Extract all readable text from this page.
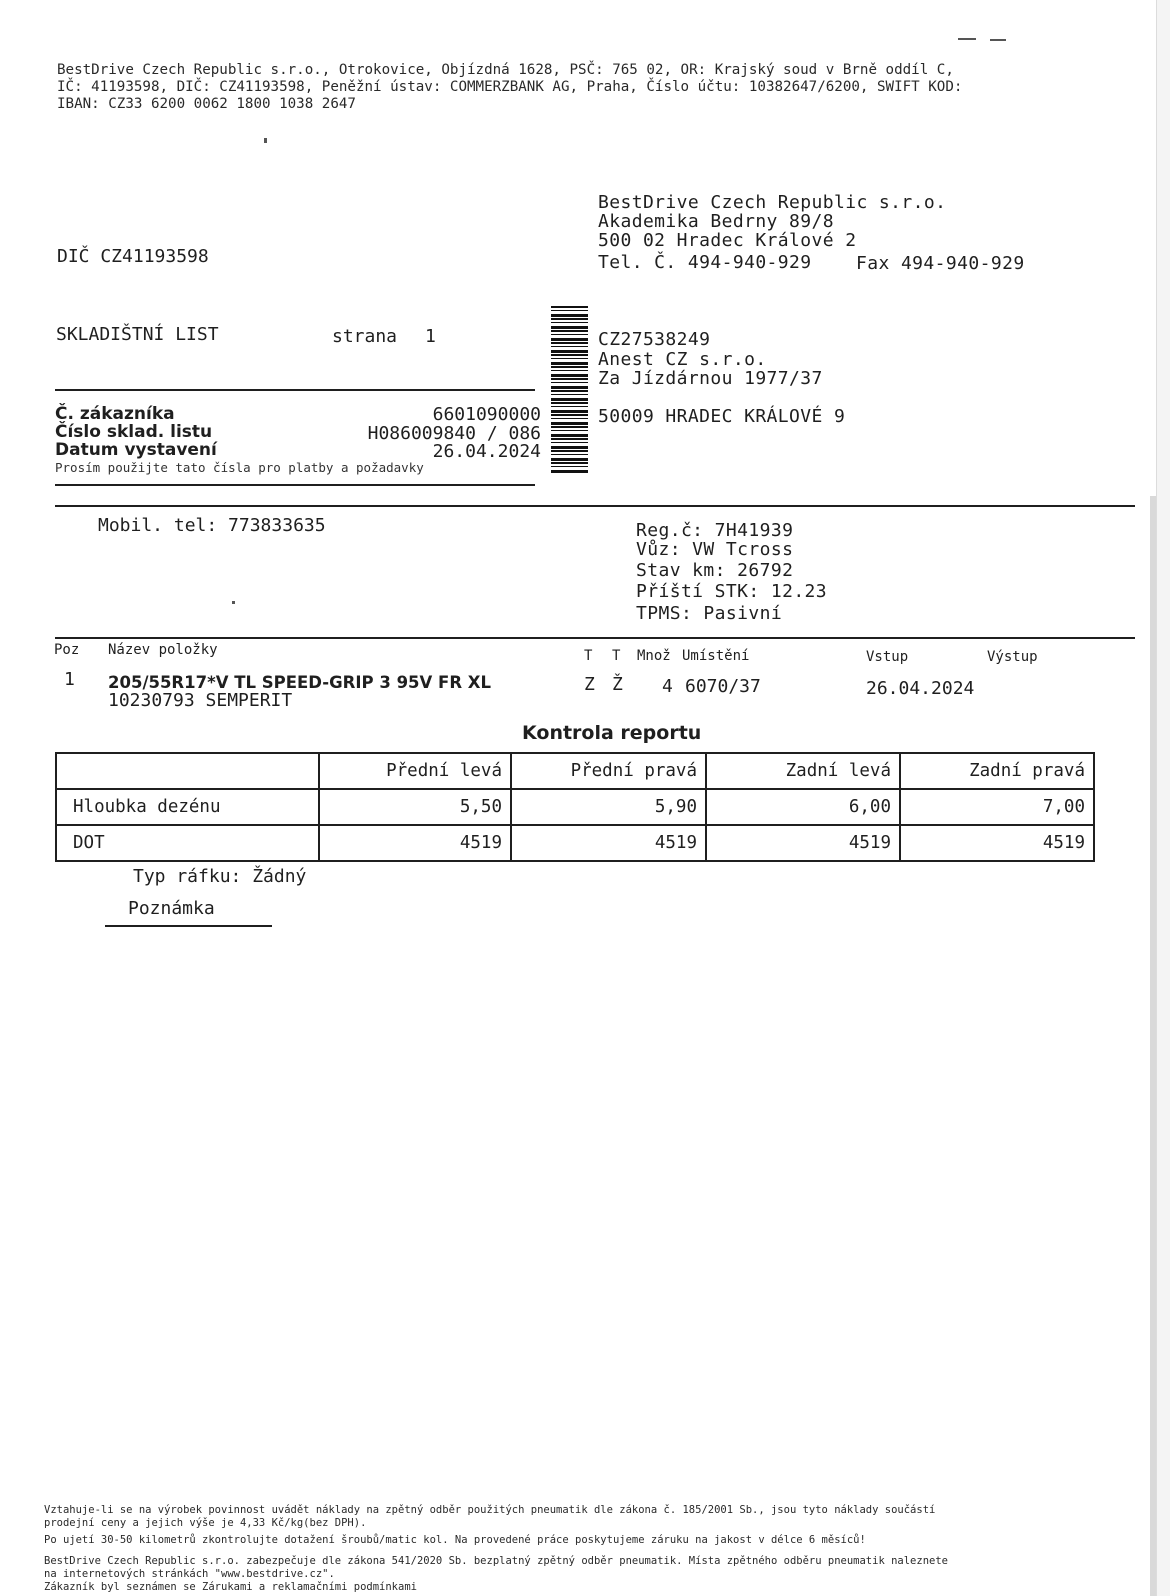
BestDrive Czech Republic s.r.o., Otrokovice, Objízdná 1628, PSČ: 765 02, OR: Krajský soud v Brně oddíl C,
IČ: 41193598, DIČ: CZ41193598, Peněžní ústav: COMMERZBANK AG, Praha, Číslo účtu: 10382647/6200, SWIFT KOD:
IBAN: CZ33 6200 0062 1800 1038 2647
BestDrive Czech Republic s.r.o.
Akademika Bedrny 89/8
500 02 Hradec Králové 2
Tel. Č. 494-940-929 Fax 494-940-929
DIČ CZ41193598
SKLADIŠTNÍ LIST	strana 1
Č. zákazníka	6601090000
Číslo sklad. listu	H086009840 / 086
Datum vystavení	26.04.2024
Prosím použijte tato čísla pro platby a požadavky
CZ27538249
Anest CZ s.r.o.
Za Jízdárnou 1977/37
50009 HRADEC KRÁLOVÉ 9
Mobil. tel: 773833635	Reg.č: 7H41939
Vůz: VW Tcross
Stav km: 26792
Příští STK: 12.23
TPMS: Pasivní
Poz Název položky	T T Množ Umístění	Vstup	Výstup
1 205/55R17*V TL SPEED-GRIP 3 95V FR XL
10230793 SEMPERIT
Z Ž 4 6070/37	26.04.2024
Kontrola reportu
	Přední levá	Přední pravá	Zadní levá	Zadní pravá
Hloubka dezénu	5,50	5,90	6,00	7,00
DOT	4519	4519	4519	4519
Typ ráfku: Žádný
Poznámka
Vztahuje-li se na výrobek povinnost uvádět náklady na zpětný odběr použitých pneumatik dle zákona č. 185/2001 Sb., jsou tyto náklady součástí
prodejní ceny a jejich výše je 4,33 Kč/kg(bez DPH).
Po ujetí 30-50 kilometrů zkontrolujte dotažení šroubů/matic kol. Na provedené práce poskytujeme záruku na jakost v délce 6 měsíců!
BestDrive Czech Republic s.r.o. zabezpečuje dle zákona 541/2020 Sb. bezplatný zpětný odběr pneumatik. Místa zpětného odběru pneumatik naleznete
na internetových stránkách "www.bestdrive.cz".
Zákazník byl seznámen se Zárukami a reklamačními podmínkami
